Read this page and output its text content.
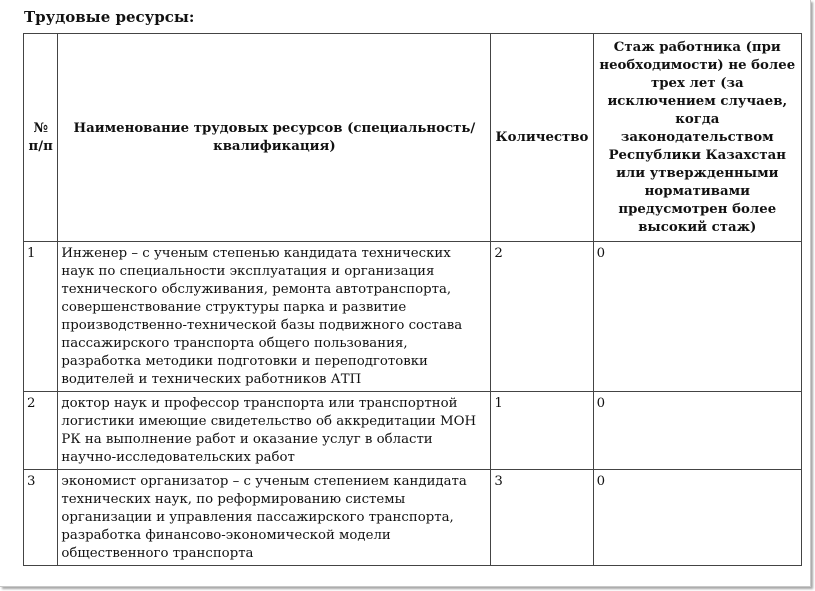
Трудовые ресурсы:
№ п/п	Наименование трудовых ресурсов (специальность/квалификация)	Количество	Стаж работника (при необходимости) не более трех лет (за исключением случаев, когда законодательством Республики Казахстан или утвержденными нормативами предусмотрен более высокий стаж)
1	Инженер – с ученым степенью кандидата технических наук по специальности эксплуатация и организация технического обслуживания, ремонта автотранспорта, совершенствование структуры парка и развитие производственно-технической базы подвижного состава пассажирского транспорта общего пользования, разработка методики подготовки и переподготовки водителей и технических работников АТП	2	0
2	доктор наук и профессор транспорта или транспортной логистики имеющие свидетельство об аккредитации МОН РК на выполнение работ и оказание услуг в области научно-исследовательских работ	1	0
3	экономист организатор – с ученым степением кандидата технических наук, по реформированию системы организации и управления пассажирского транспорта, разработка финансово-экономической модели общественного транспорта	3	0
